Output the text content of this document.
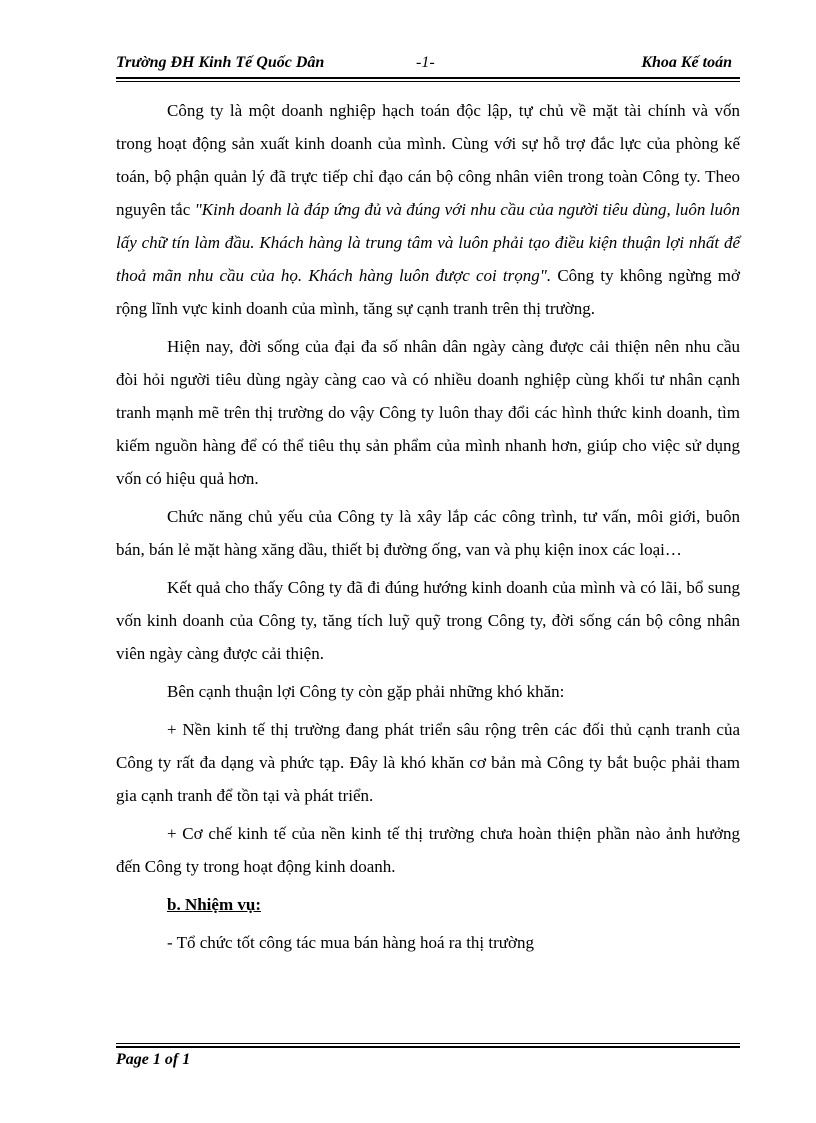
Trường ĐH Kinh Tế Quốc Dân	-1-	Khoa Kế toán

Công ty là một doanh nghiệp hạch toán độc lập, tự chủ về mặt tài chính và vốn trong hoạt động sản xuất kinh doanh của mình. Cùng với sự hỗ trợ đắc lực của phòng kế toán, bộ phận quản lý đã trực tiếp chỉ đạo cán bộ công nhân viên trong toàn Công ty. Theo nguyên tắc "Kinh doanh là đáp ứng đủ và đúng với nhu cầu của người tiêu dùng, luôn luôn lấy chữ tín làm đầu. Khách hàng là trung tâm và luôn phải tạo điều kiện thuận lợi nhất để thoả mãn nhu cầu của họ. Khách hàng luôn được coi trọng". Công ty không ngừng mở rộng lĩnh vực kinh doanh của mình, tăng sự cạnh tranh trên thị trường.

Hiện nay, đời sống của đại đa số nhân dân ngày càng được cải thiện nên nhu cầu đòi hỏi người tiêu dùng ngày càng cao và có nhiều doanh nghiệp cùng khối tư nhân cạnh tranh mạnh mẽ trên thị trường do vậy Công ty luôn thay đổi các hình thức kinh doanh, tìm kiếm nguồn hàng để có thể tiêu thụ sản phẩm của mình nhanh hơn, giúp cho việc sử dụng vốn có hiệu quả hơn.

Chức năng chủ yếu của Công ty là xây lắp các công trình, tư vấn, môi giới, buôn bán, bán lẻ mặt hàng xăng dầu, thiết bị đường ống, van và phụ kiện inox các loại…

Kết quả cho thấy Công ty đã đi đúng hướng kinh doanh của mình và có lãi, bổ sung vốn kinh doanh của Công ty, tăng tích luỹ quỹ trong Công ty, đời sống cán bộ công nhân viên ngày càng được cải thiện.

Bên cạnh thuận lợi Công ty còn gặp phải những khó khăn:

+ Nền kinh tế thị trường đang phát triển sâu rộng trên các đối thủ cạnh tranh của Công ty rất đa dạng và phức tạp. Đây là khó khăn cơ bản mà Công ty bắt buộc phải tham gia cạnh tranh để tồn tại và phát triển.

+ Cơ chế kinh tế của nền kinh tế thị trường chưa hoàn thiện phần nào ảnh hưởng đến Công ty trong hoạt động kinh doanh.

b. Nhiệm vụ:

- Tổ chức tốt công tác mua bán hàng hoá ra thị trường

Page 1 of 1
